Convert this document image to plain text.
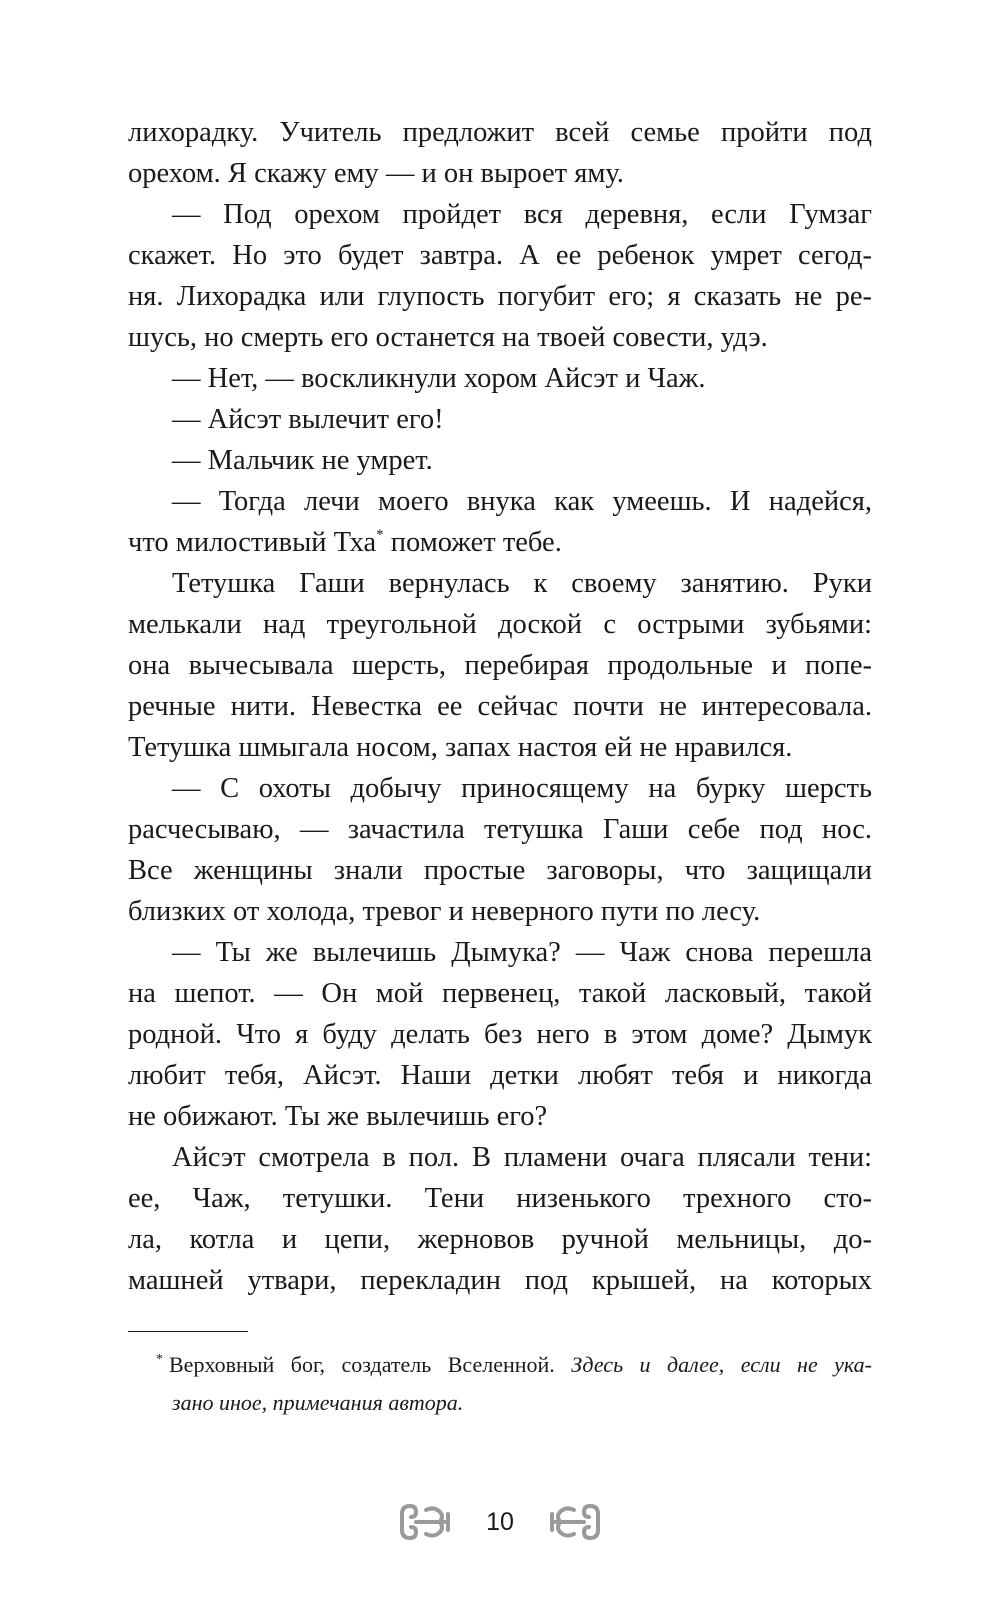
лихорадку. Учитель предложит всей семье пройти под
орехом. Я скажу ему — и он выроет яму.
— Под орехом пройдет вся деревня, если Гумзаг
скажет. Но это будет завтра. А ее ребенок умрет сегод-
ня. Лихорадка или глупость погубит его; я сказать не ре-
шусь, но смерть его останется на твоей совести, удэ.
— Нет, — воскликнули хором Айсэт и Чаж.
— Айсэт вылечит его!
— Мальчик не умрет.
— Тогда лечи моего внука как умеешь. И надейся,
что милостивый Тха* поможет тебе.
Тетушка Гаши вернулась к своему занятию. Руки
мелькали над треугольной доской с острыми зубьями:
она вычесывала шерсть, перебирая продольные и попе-
речные нити. Невестка ее сейчас почти не интересовала.
Тетушка шмыгала носом, запах настоя ей не нравился.
— С охоты добычу приносящему на бурку шерсть
расчесываю, — зачастила тетушка Гаши себе под нос.
Все женщины знали простые заговоры, что защищали
близких от холода, тревог и неверного пути по лесу.
— Ты же вылечишь Дымука? — Чаж снова перешла
на шепот. — Он мой первенец, такой ласковый, такой
родной. Что я буду делать без него в этом доме? Дымук
любит тебя, Айсэт. Наши детки любят тебя и никогда
не обижают. Ты же вылечишь его?
Айсэт смотрела в пол. В пламени очага плясали тени:
ее, Чаж, тетушки. Тени низенького трехного сто-
ла, котла и цепи, жерновов ручной мельницы, до-
машней утвари, перекладин под крышей, на которых
* Верховный бог, создатель Вселенной. Здесь и далее, если не ука-
зано иное, примечания автора.
10
